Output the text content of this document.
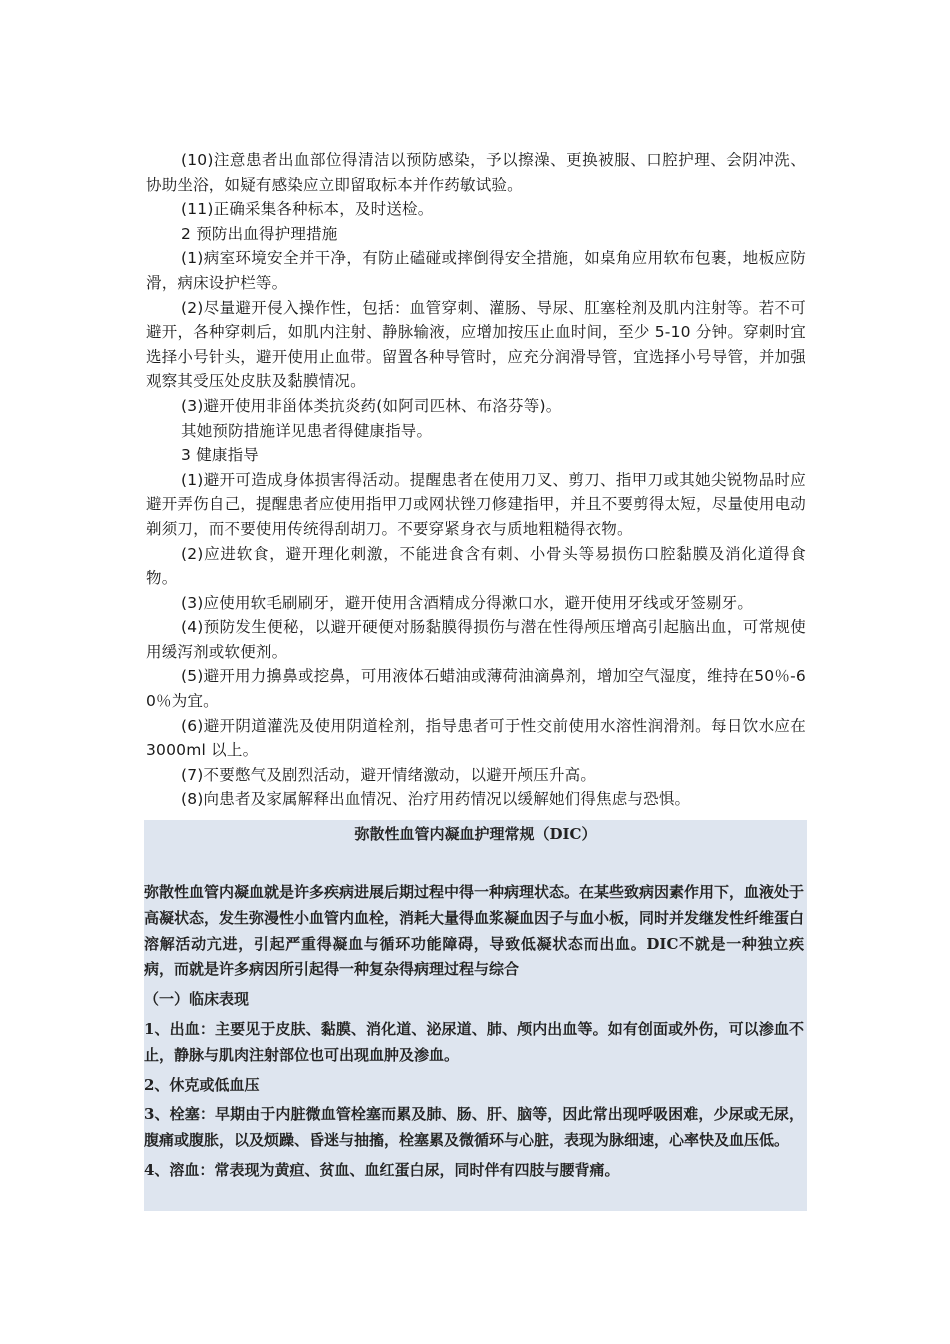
(10)注意患者出血部位得清洁以预防感染，予以擦澡、更换被服、口腔护理、会阴冲洗、协助坐浴，如疑有感染应立即留取标本并作药敏试验。

(11)正确采集各种标本，及时送检。

2 预防出血得护理措施

(1)病室环境安全并干净，有防止磕碰或摔倒得安全措施，如桌角应用软布包裹，地板应防滑，病床设护栏等。

(2)尽量避开侵入操作性，包括：血管穿刺、灌肠、导尿、肛塞栓剂及肌内注射等。若不可避开，各种穿刺后，如肌内注射、静脉输液，应增加按压止血时间，至少 5-10 分钟。穿刺时宜选择小号针头，避开使用止血带。留置各种导管时，应充分润滑导管，宜选择小号导管，并加强观察其受压处皮肤及黏膜情况。

(3)避开使用非甾体类抗炎药(如阿司匹林、布洛芬等)。

其她预防措施详见患者得健康指导。

3 健康指导

(1)避开可造成身体损害得活动。提醒患者在使用刀叉、剪刀、指甲刀或其她尖锐物品时应避开弄伤自己，提醒患者应使用指甲刀或网状锉刀修建指甲，并且不要剪得太短，尽量使用电动剃须刀，而不要使用传统得刮胡刀。不要穿紧身衣与质地粗糙得衣物。

(2)应进软食，避开理化刺激，不能进食含有刺、小骨头等易损伤口腔黏膜及消化道得食物。

(3)应使用软毛刷刷牙，避开使用含酒精成分得漱口水，避开使用牙线或牙签剔牙。

(4)预防发生便秘，以避开硬便对肠黏膜得损伤与潜在性得颅压增高引起脑出血，可常规使用缓泻剂或软便剂。

(5)避开用力擤鼻或挖鼻，可用液体石蜡油或薄荷油滴鼻剂，增加空气湿度，维持在50％-60％为宜。

(6)避开阴道灌洗及使用阴道栓剂，指导患者可于性交前使用水溶性润滑剂。每日饮水应在 3000ml 以上。

(7)不要憋气及剧烈活动，避开情绪激动，以避开颅压升高。

(8)向患者及家属解释出血情况、治疗用药情况以缓解她们得焦虑与恐惧。

弥散性血管内凝血护理常规（DIC）

弥散性血管内凝血就是许多疾病进展后期过程中得一种病理状态。在某些致病因素作用下，血液处于高凝状态，发生弥漫性小血管内血栓，消耗大量得血浆凝血因子与血小板，同时并发继发性纤维蛋白溶解活动亢进，引起严重得凝血与循环功能障碍，导致低凝状态而出血。DIC不就是一种独立疾病，而就是许多病因所引起得一种复杂得病理过程与综合

（一）临床表现

1、出血：主要见于皮肤、黏膜、消化道、泌尿道、肺、颅内出血等。如有创面或外伤，可以渗血不止，静脉与肌肉注射部位也可出现血肿及渗血。

2、休克或低血压

3、栓塞：早期由于内脏微血管栓塞而累及肺、肠、肝、脑等，因此常出现呼吸困难，少尿或无尿，腹痛或腹胀，以及烦躁、昏迷与抽搐，栓塞累及微循环与心脏，表现为脉细速，心率快及血压低。

4、溶血：常表现为黄疸、贫血、血红蛋白尿，同时伴有四肢与腰背痛。
